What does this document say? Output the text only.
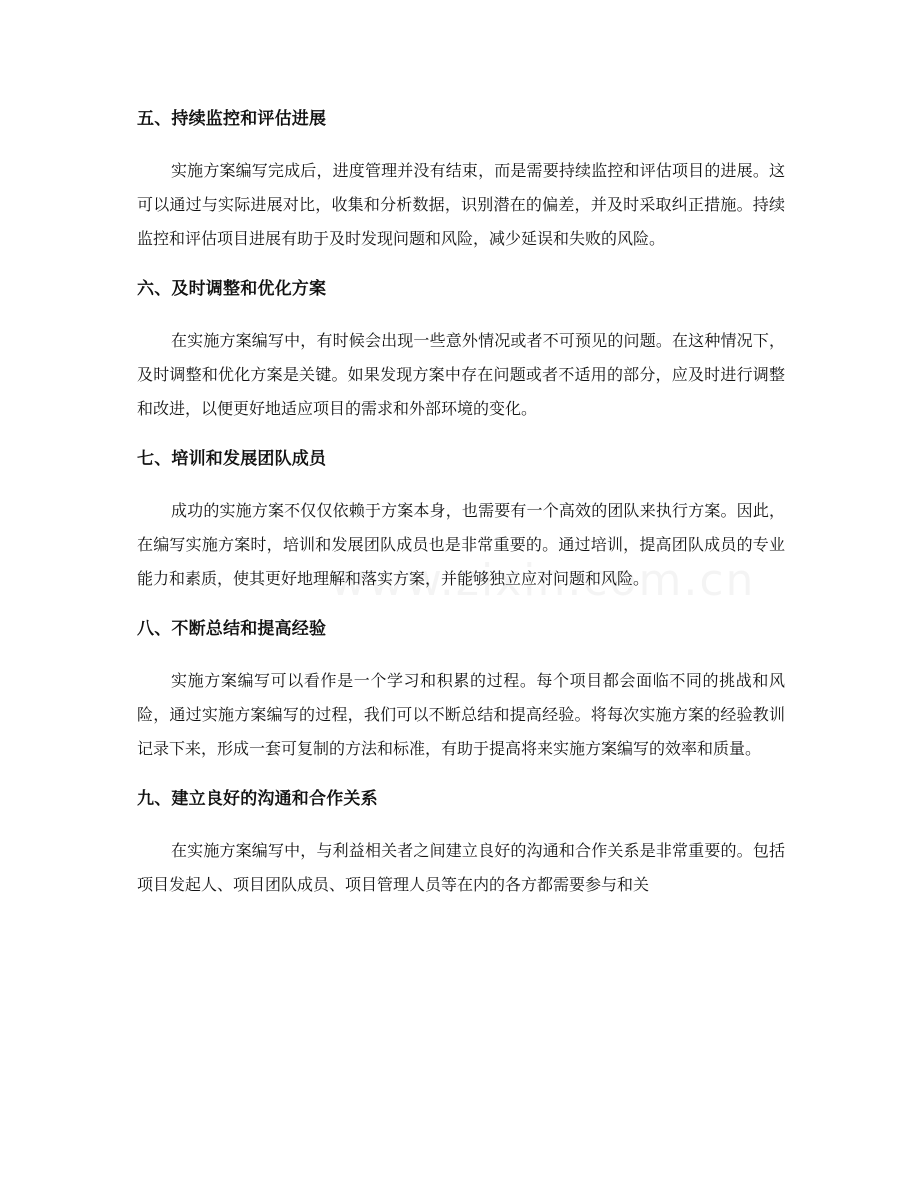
五、持续监控和评估进展

实施方案编写完成后，进度管理并没有结束，而是需要持续监控和评估项目的进展。这可以通过与实际进展对比，收集和分析数据，识别潜在的偏差，并及时采取纠正措施。持续监控和评估项目进展有助于及时发现问题和风险，减少延误和失败的风险。

六、及时调整和优化方案

在实施方案编写中，有时候会出现一些意外情况或者不可预见的问题。在这种情况下，及时调整和优化方案是关键。如果发现方案中存在问题或者不适用的部分，应及时进行调整和改进，以便更好地适应项目的需求和外部环境的变化。

七、培训和发展团队成员

成功的实施方案不仅仅依赖于方案本身，也需要有一个高效的团队来执行方案。因此，在编写实施方案时，培训和发展团队成员也是非常重要的。通过培训，提高团队成员的专业能力和素质，使其更好地理解和落实方案，并能够独立应对问题和风险。

八、不断总结和提高经验

实施方案编写可以看作是一个学习和积累的过程。每个项目都会面临不同的挑战和风险，通过实施方案编写的过程，我们可以不断总结和提高经验。将每次实施方案的经验教训记录下来，形成一套可复制的方法和标准，有助于提高将来实施方案编写的效率和质量。

九、建立良好的沟通和合作关系

在实施方案编写中，与利益相关者之间建立良好的沟通和合作关系是非常重要的。包括项目发起人、项目团队成员、项目管理人员等在内的各方都需要参与和关
